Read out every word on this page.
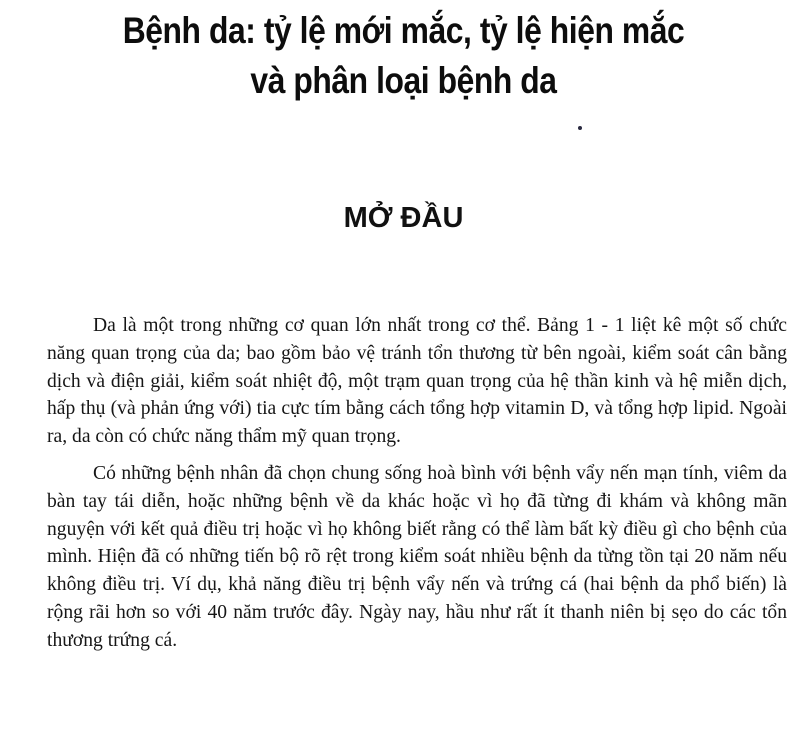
Bệnh da: tỷ lệ mới mắc, tỷ lệ hiện mắc
và phân loại bệnh da
MỞ ĐẦU

Da là một trong những cơ quan lớn nhất trong cơ thể. Bảng 1 - 1 liệt kê một số chức năng quan trọng của da; bao gồm bảo vệ tránh tổn thương từ bên ngoài, kiểm soát cân bằng dịch và điện giải, kiểm soát nhiệt độ, một trạm quan trọng của hệ thần kinh và hệ miễn dịch, hấp thụ (và phản ứng với) tia cực tím bằng cách tổng hợp vitamin D, và tổng hợp lipid. Ngoài ra, da còn có chức năng thẩm mỹ quan trọng.

Có những bệnh nhân đã chọn chung sống hoà bình với bệnh vẩy nến mạn tính, viêm da bàn tay tái diễn, hoặc những bệnh về da khác hoặc vì họ đã từng đi khám và không mãn nguyện với kết quả điều trị hoặc vì họ không biết rằng có thể làm bất kỳ điều gì cho bệnh của mình. Hiện đã có những tiến bộ rõ rệt trong kiểm soát nhiều bệnh da từng tồn tại 20 năm nếu không điều trị. Ví dụ, khả năng điều trị bệnh vẩy nến và trứng cá (hai bệnh da phổ biến) là rộng rãi hơn so với 40 năm trước đây. Ngày nay, hầu như rất ít thanh niên bị sẹo do các tổn thương trứng cá.
